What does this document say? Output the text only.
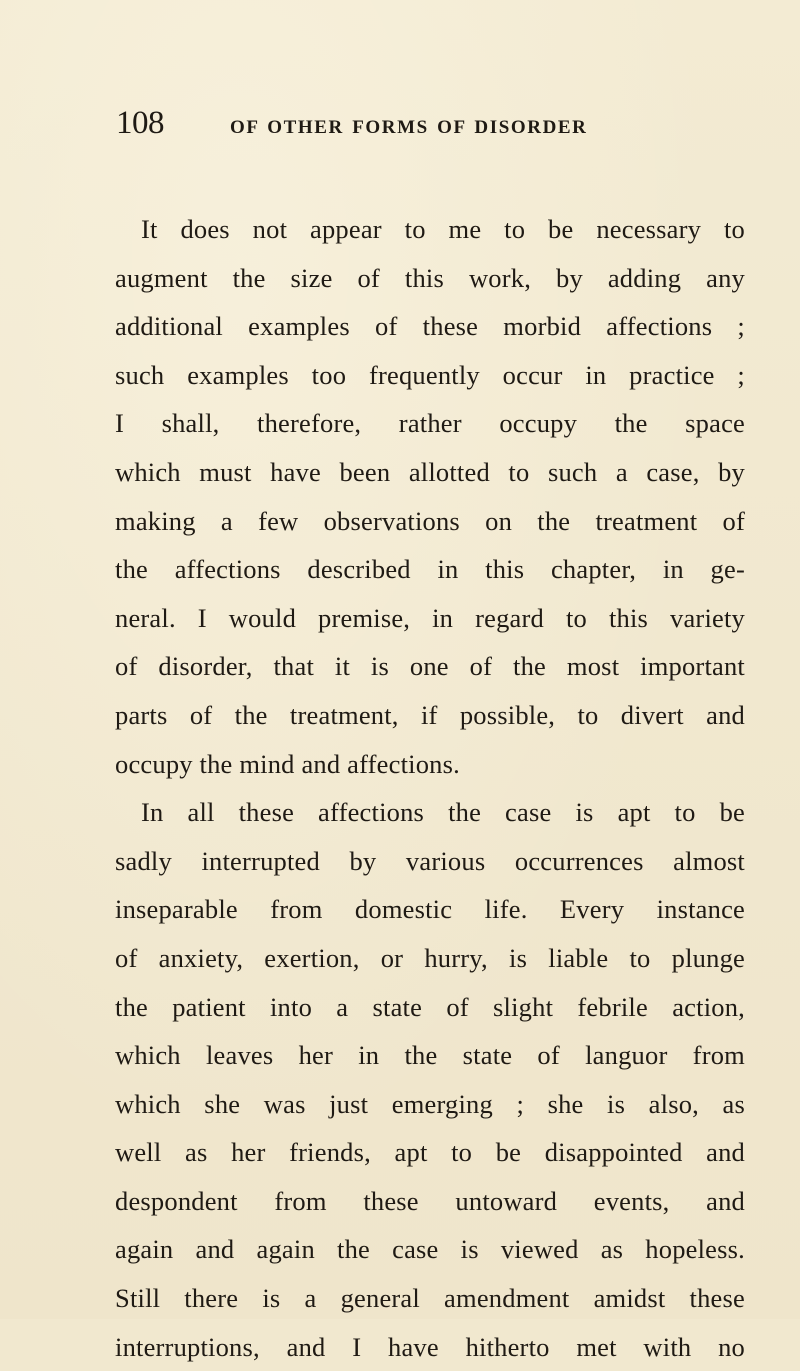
108	OF OTHER FORMS OF DISORDER
It does not appear to me to be necessary to
augment the size of this work, by adding any
additional examples of these morbid affections ;
such examples too frequently occur in practice ;
I shall, therefore, rather occupy the space
which must have been allotted to such a case, by
making a few observations on the treatment of
the affections described in this chapter, in ge-
neral. I would premise, in regard to this variety
of disorder, that it is one of the most important
parts of the treatment, if possible, to divert and
occupy the mind and affections.
In all these affections the case is apt to be
sadly interrupted by various occurrences almost
inseparable from domestic life. Every instance
of anxiety, exertion, or hurry, is liable to plunge
the patient into a state of slight febrile action,
which leaves her in the state of languor from
which she was just emerging ; she is also, as
well as her friends, apt to be disappointed and
despondent from these untoward events, and
again and again the case is viewed as hopeless.
Still there is a general amendment amidst these
interruptions, and I have hitherto met with no
